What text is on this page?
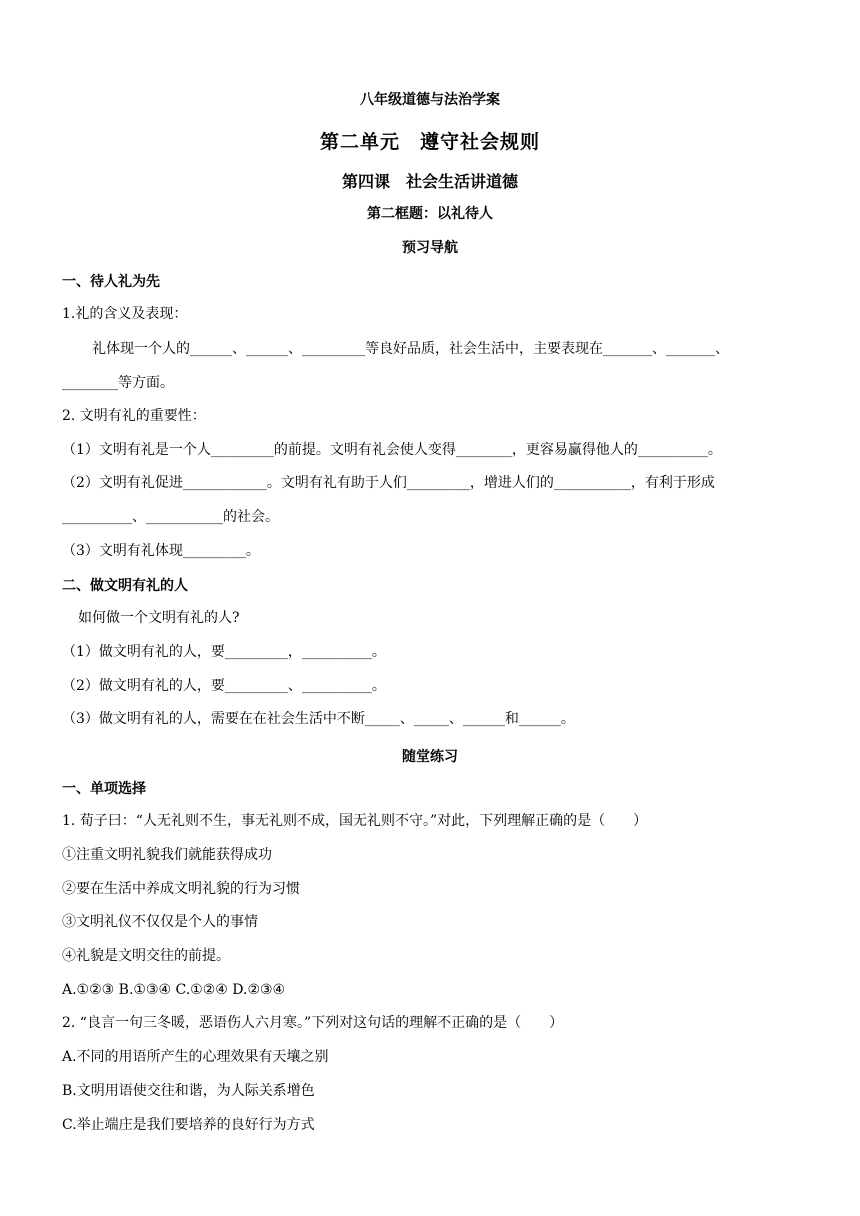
八年级道德与法治学案
第二单元　遵守社会规则
第四课　社会生活讲道德
第二框题：以礼待人
预习导航
一、待人礼为先
1.礼的含义及表现：
礼体现一个人的______、______、_________等良好品质，社会生活中，主要表现在_______、_______、
________等方面。
2. 文明有礼的重要性：
（1）文明有礼是一个人_________的前提。文明有礼会使人变得________，更容易赢得他人的__________。
（2）文明有礼促进____________。文明有礼有助于人们_________，增进人们的___________，有利于形成
__________、___________的社会。
（3）文明有礼体现_________。
二、做文明有礼的人
如何做一个文明有礼的人?
（1）做文明有礼的人，要_________，__________。
（2）做文明有礼的人，要_________、__________。
（3）做文明有礼的人，需要在在社会生活中不断_____、_____、______和______。
随堂练习
一、单项选择
1. 荀子曰：“人无礼则不生，事无礼则不成，国无礼则不守。”对此，下列理解正确的是（　　）
①注重文明礼貌我们就能获得成功
②要在生活中养成文明礼貌的行为习惯
③文明礼仪不仅仅是个人的事情
④礼貌是文明交往的前提。
A.①②③ B.①③④ C.①②④ D.②③④
2. “良言一句三冬暖，恶语伤人六月寒。”下列对这句话的理解不正确的是（　　）
A.不同的用语所产生的心理效果有天壤之别
B.文明用语使交往和谐，为人际关系增色
C.举止端庄是我们要培养的良好行为方式
